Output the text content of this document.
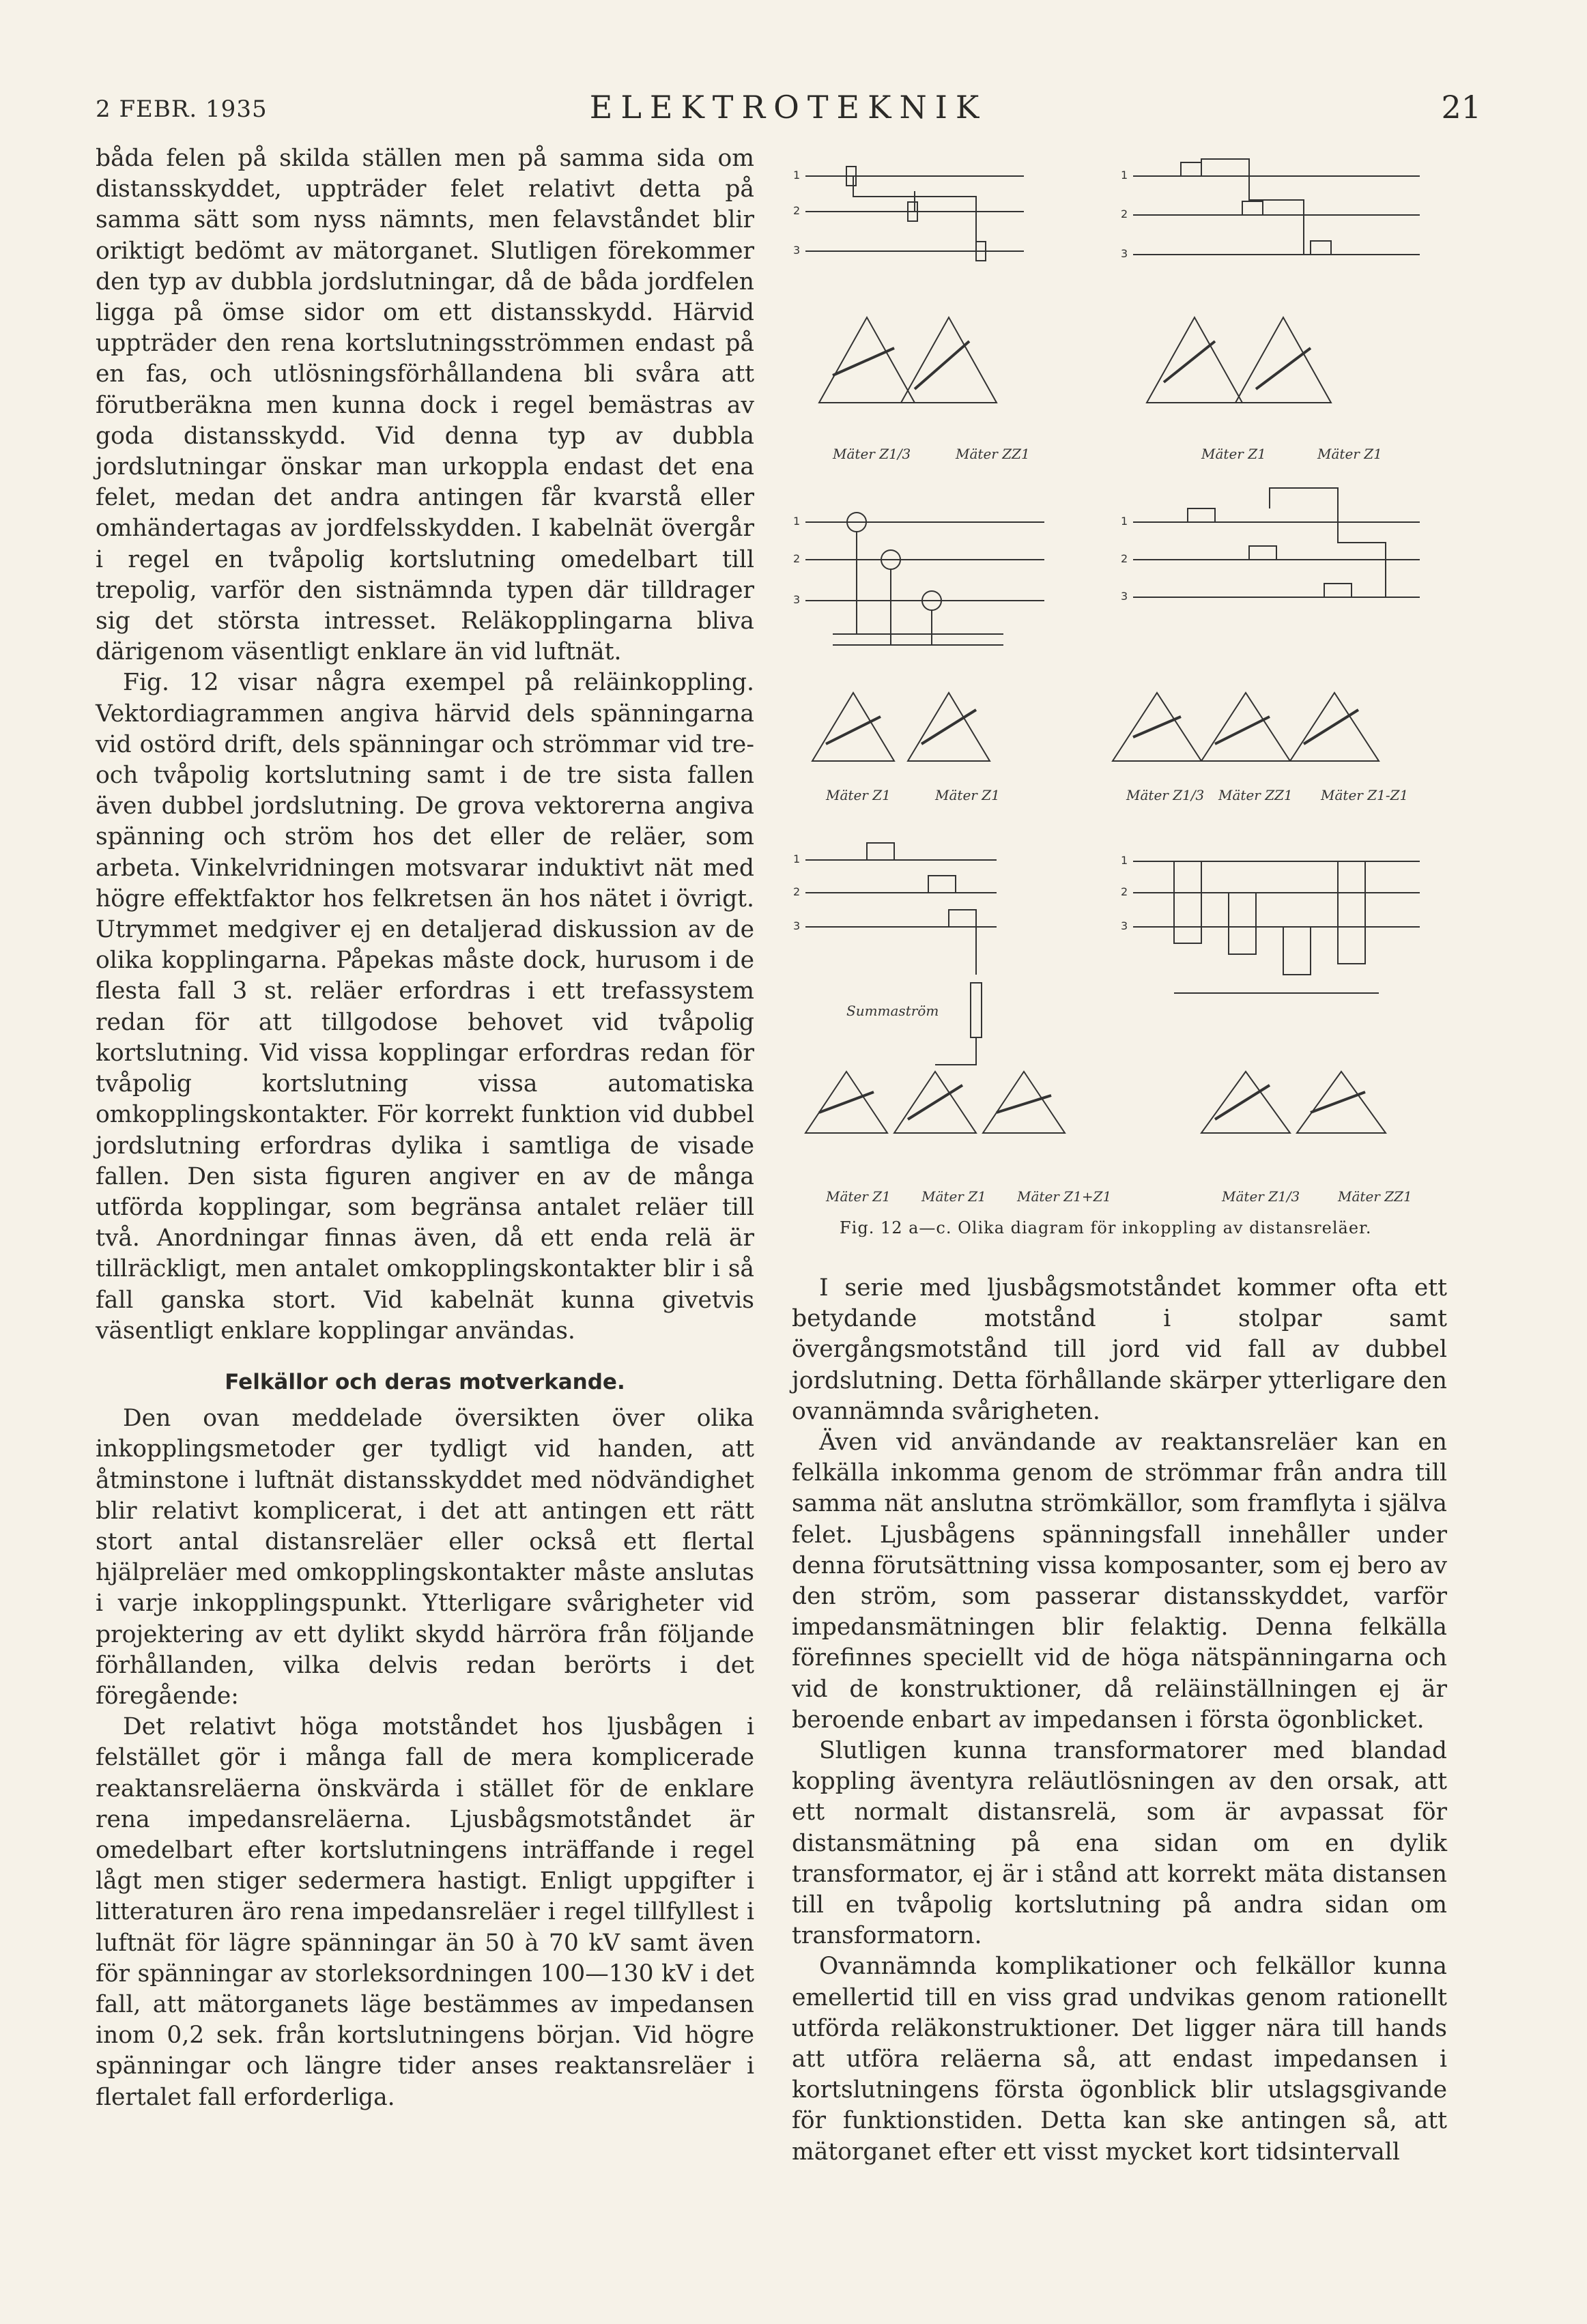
2 FEBR. 1935	ELEKTROTEKNIK	21

båda felen på skilda ställen men på samma sida om distansskyddet, uppträder felet relativt detta på samma sätt som nyss nämnts, men felavståndet blir oriktigt bedömt av mätorganet. Slutligen förekommer den typ av dubbla jordslutningar, då de båda jordfelen ligga på ömse sidor om ett distansskydd. Härvid uppträder den rena kortslutningsströmmen endast på en fas, och utlösningsförhållandena bli svåra att förutberäkna men kunna dock i regel bemästras av goda distansskydd. Vid denna typ av dubbla jordslutningar önskar man urkoppla endast det ena felet, medan det andra antingen får kvarstå eller omhändertagas av jordfelsskydden. I kabelnät övergår i regel en tvåpolig kortslutning omedelbart till trepolig, varför den sistnämnda typen där tilldrager sig det största intresset. Reläkopplingarna bliva därigenom väsentligt enklare än vid luftnät.

Fig. 12 visar några exempel på reläinkoppling. Vektordiagrammen angiva härvid dels spänningarna vid ostörd drift, dels spänningar och strömmar vid tre- och tvåpolig kortslutning samt i de tre sista fallen även dubbel jordslutning. De grova vektorerna angiva spänning och ström hos det eller de reläer, som arbeta. Vinkelvridningen motsvarar induktivt nät med högre effektfaktor hos felkretsen än hos nätet i övrigt. Utrymmet medgiver ej en detaljerad diskussion av de olika kopplingarna. Påpekas måste dock, hurusom i de flesta fall 3 st. reläer erfordras i ett trefassystem redan för att tillgodose behovet vid tvåpolig kortslutning. Vid vissa kopplingar erfordras redan för tvåpolig kortslutning vissa automatiska omkopplingskontakter. För korrekt funktion vid dubbel jordslutning erfordras dylika i samtliga de visade fallen. Den sista figuren angiver en av de många utförda kopplingar, som begränsa antalet reläer till två. Anordningar finnas även, då ett enda relä är tillräckligt, men antalet omkopplingskontakter blir i så fall ganska stort. Vid kabelnät kunna givetvis väsentligt enklare kopplingar användas.

Felkällor och deras motverkande.

Den ovan meddelade översikten över olika inkopplingsmetoder ger tydligt vid handen, att åtminstone i luftnät distansskyddet med nödvändighet blir relativt komplicerat, i det att antingen ett rätt stort antal distansreläer eller också ett flertal hjälpreläer med omkopplingskontakter måste anslutas i varje inkopplingspunkt. Ytterligare svårigheter vid projektering av ett dylikt skydd härröra från följande förhållanden, vilka delvis redan berörts i det föregående:

Det relativt höga motståndet hos ljusbågen i felstället gör i många fall de mera komplicerade reaktansreläerna önskvärda i stället för de enklare rena impedansreläerna. Ljusbågsmotståndet är omedelbart efter kortslutningens inträffande i regel lågt men stiger sedermera hastigt. Enligt uppgifter i litteraturen äro rena impedansreläer i regel tillfyllest i luftnät för lägre spänningar än 50 à 70 kV samt även för spänningar av storleksordningen 100—130 kV i det fall, att mätorganets läge bestämmes av impedansen inom 0,2 sek. från kortslutningens början. Vid högre spänningar och längre tider anses reaktansreläer i flertalet fall erforderliga.

1
2
3
1
2
3
1
2
3
1
2
3
1
2
3
1
2
3
Summaström
Mäter Z1/3	Mäter ZZ1	Mäter Z1	Mäter Z1
Mäter Z1	Mäter Z1	Mäter Z1/3 Mäter ZZ1 Mäter Z1-Z1
Mäter Z1 Mäter Z1 Mäter Z1+Z1	Mäter Z1/3	Mäter ZZ1
Fig. 12 a—c. Olika diagram för inkoppling av distansreläer.

I serie med ljusbågsmotståndet kommer ofta ett betydande motstånd i stolpar samt övergångsmotstånd till jord vid fall av dubbel jordslutning. Detta förhållande skärper ytterligare den ovannämnda svårigheten.

Även vid användande av reaktansreläer kan en felkälla inkomma genom de strömmar från andra till samma nät anslutna strömkällor, som framflyta i själva felet. Ljusbågens spänningsfall innehåller under denna förutsättning vissa komposanter, som ej bero av den ström, som passerar distansskyddet, varför impedansmätningen blir felaktig. Denna felkälla förefinnes speciellt vid de höga nätspänningarna och vid de konstruktioner, då reläinställningen ej är beroende enbart av impedansen i första ögonblicket.

Slutligen kunna transformatorer med blandad koppling äventyra reläutlösningen av den orsak, att ett normalt distansrelä, som är avpassat för distansmätning på ena sidan om en dylik transformator, ej är i stånd att korrekt mäta distansen till en tvåpolig kortslutning på andra sidan om transformatorn.

Ovannämnda komplikationer och felkällor kunna emellertid till en viss grad undvikas genom rationellt utförda reläkonstruktioner. Det ligger nära till hands att utföra reläerna så, att endast impedansen i kortslutningens första ögonblick blir utslagsgivande för funktionstiden. Detta kan ske antingen så, att mätorganet efter ett visst mycket kort tidsintervall
